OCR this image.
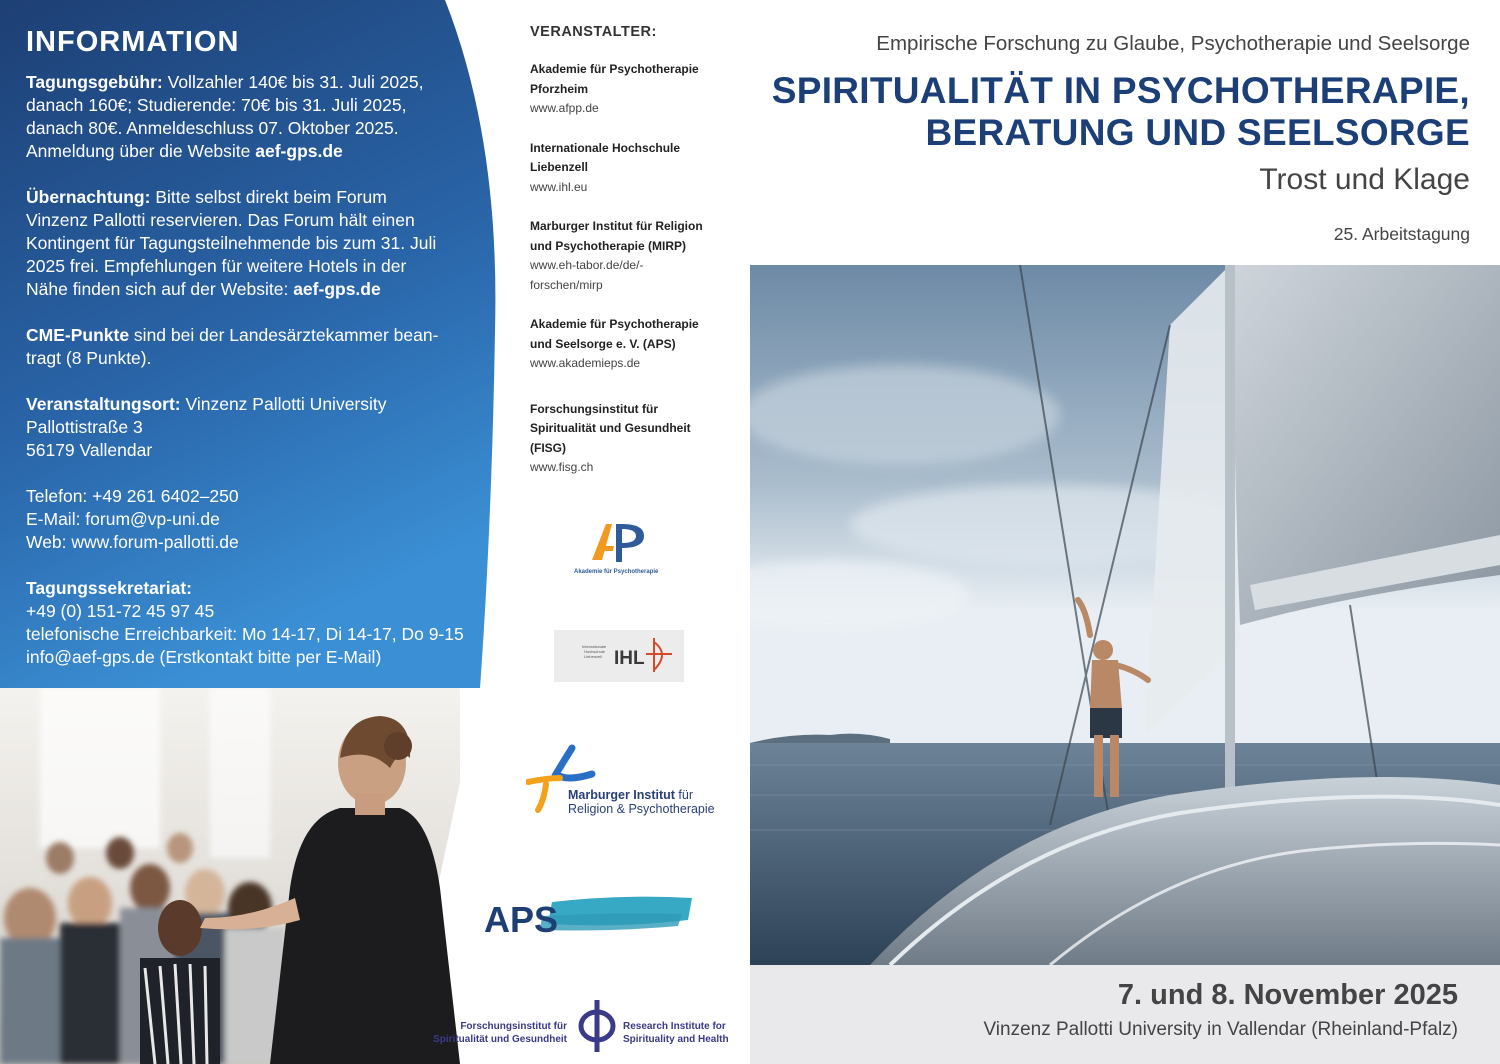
INFORMATION
Tagungsgebühr: Vollzahler 140€ bis 31. Juli 2025,
danach 160€; Studierende: 70€ bis 31. Juli 2025,
danach 80€. Anmeldeschluss 07. Oktober 2025.
Anmeldung über die Website aef-gps.de
Übernachtung: Bitte selbst direkt beim Forum
Vinzenz Pallotti reservieren. Das Forum hält einen
Kontingent für Tagungsteilnehmende bis zum 31. Juli
2025 frei. Empfehlungen für weitere Hotels in der
Nähe finden sich auf der Website: aef-gps.de
CME-Punkte sind bei der Landesärztekammer bean-
tragt (8 Punkte).
Veranstaltungsort: Vinzenz Pallotti University
Pallottistraße 3
56179 Vallendar
Telefon: +49 261 6402–250
E-Mail: forum@vp-uni.de
Web: www.forum-pallotti.de
Tagungssekretariat:
+49 (0) 151-72 45 97 45
telefonische Erreichbarkeit: Mo 14-17, Di 14-17, Do 9-15
info@aef-gps.de (Erstkontakt bitte per E-Mail)
VERANSTALTER:
Akademie für Psychotherapie
Pforzheim
www.afpp.de
Internationale Hochschule
Liebenzell
www.ihl.eu
Marburger Institut für Religion
und Psychotherapie (MIRP)
www.eh-tabor.de/de/-
forschen/mirp
Akademie für Psychotherapie
und Seelsorge e. V. (APS)
www.akademieps.de
Forschungsinstitut für
Spiritualität und Gesundheit
(FISG)
www.fisg.ch
Akademie für Psychotherapie
Internationale
Hochschule
Liebenzell IHL
Marburger Institut für
Religion & Psychotherapie
APS
Forschungsinstitut für
Spiritualität und Gesundheit
Research Institute for
Spirituality and Health
Empirische Forschung zu Glaube, Psychotherapie und Seelsorge
SPIRITUALITÄT IN PSYCHOTHERAPIE,
BERATUNG UND SEELSORGE
Trost und Klage
25. Arbeitstagung
7. und 8. November 2025
Vinzenz Pallotti University in Vallendar (Rheinland-Pfalz)
